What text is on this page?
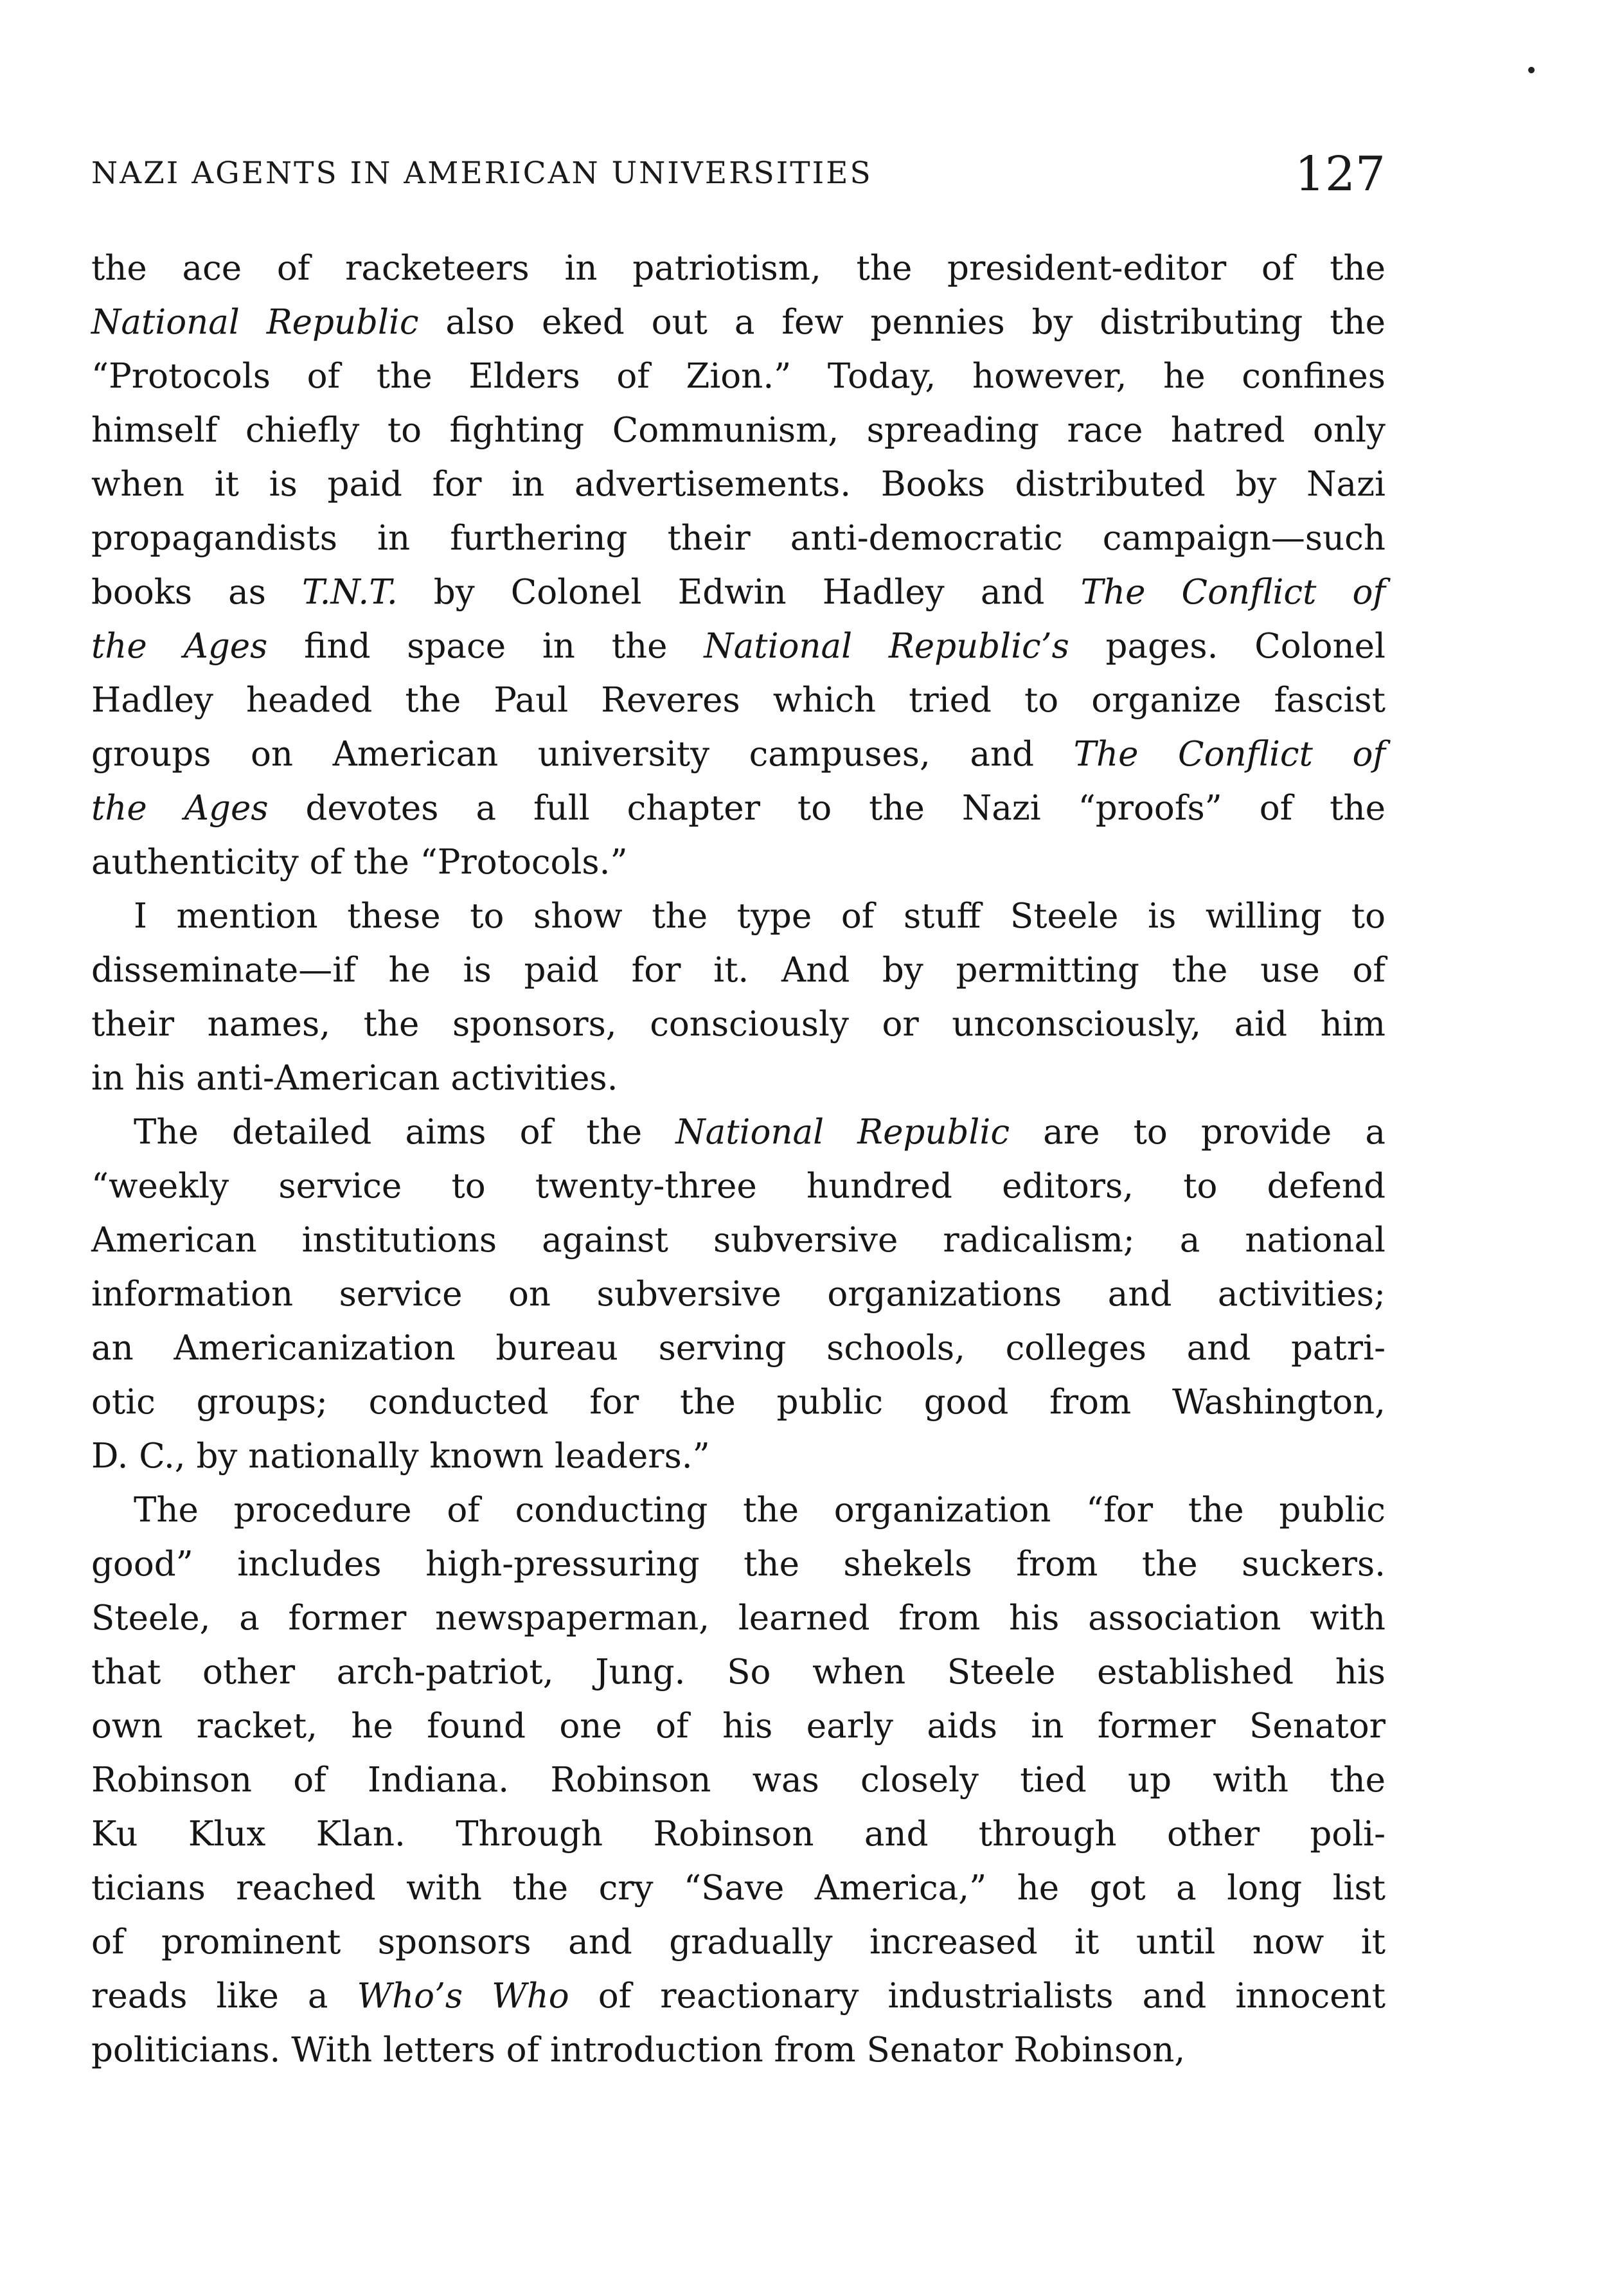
NAZI AGENTS IN AMERICAN UNIVERSITIES	127
the ace of racketeers in patriotism, the president-editor of the
National Republic also eked out a few pennies by distributing the
“Protocols of the Elders of Zion.” Today, however, he confines
himself chiefly to fighting Communism, spreading race hatred only
when it is paid for in advertisements. Books distributed by Nazi
propagandists in furthering their anti-democratic campaign—such
books as T.N.T. by Colonel Edwin Hadley and The Conflict of
the Ages find space in the National Republic’s pages. Colonel
Hadley headed the Paul Reveres which tried to organize fascist
groups on American university campuses, and The Conflict of
the Ages devotes a full chapter to the Nazi “proofs” of the
authenticity of the “Protocols.”
I mention these to show the type of stuff Steele is willing to
disseminate—if he is paid for it. And by permitting the use of
their names, the sponsors, consciously or unconsciously, aid him
in his anti-American activities.
The detailed aims of the National Republic are to provide a
“weekly service to twenty-three hundred editors, to defend
American institutions against subversive radicalism; a national
information service on subversive organizations and activities;
an Americanization bureau serving schools, colleges and patri-
otic groups; conducted for the public good from Washington,
D. C., by nationally known leaders.”
The procedure of conducting the organization “for the public
good” includes high-pressuring the shekels from the suckers.
Steele, a former newspaperman, learned from his association with
that other arch-patriot, Jung. So when Steele established his
own racket, he found one of his early aids in former Senator
Robinson of Indiana. Robinson was closely tied up with the
Ku Klux Klan. Through Robinson and through other poli-
ticians reached with the cry “Save America,” he got a long list
of prominent sponsors and gradually increased it until now it
reads like a Who’s Who of reactionary industrialists and innocent
politicians. With letters of introduction from Senator Robinson,
